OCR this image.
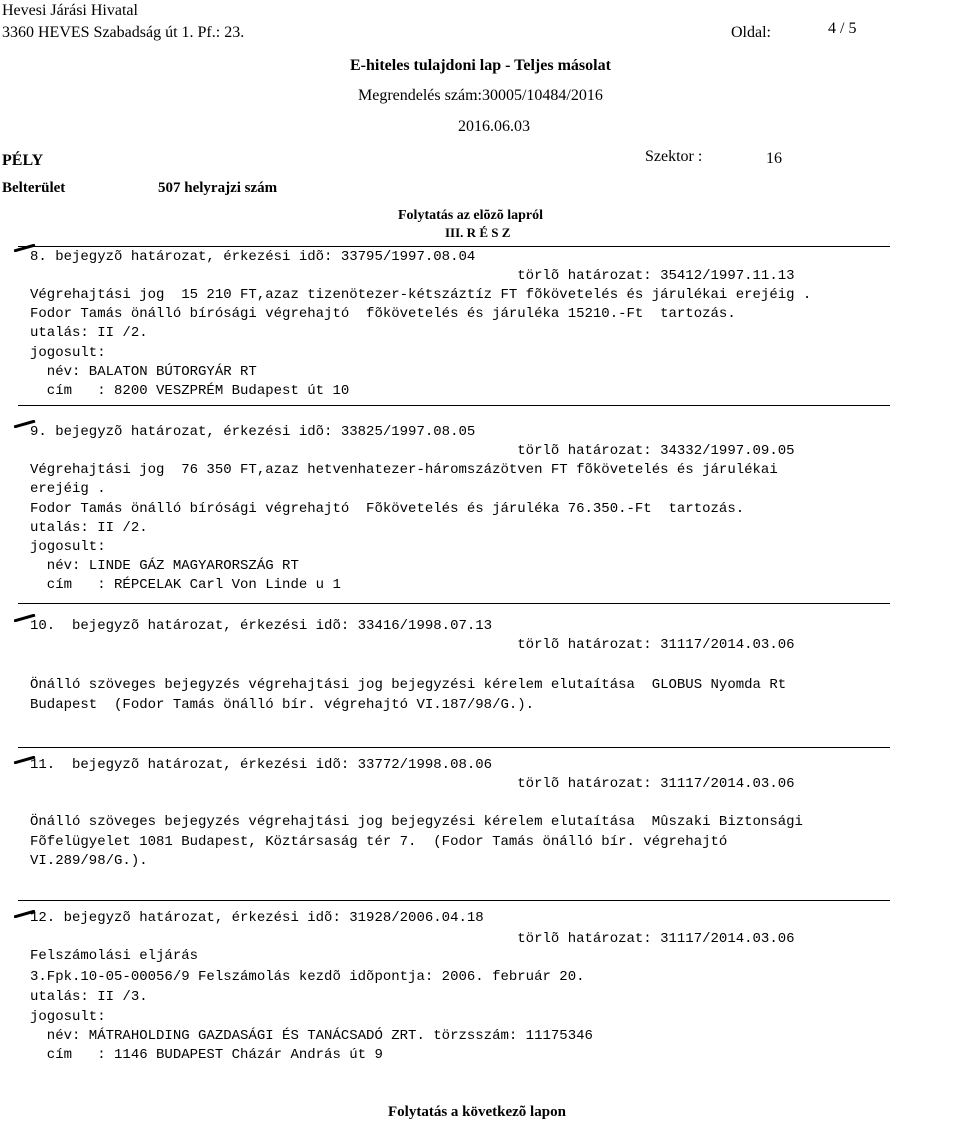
Hevesi Járási Hivatal
3360 HEVES Szabadság út 1. Pf.: 23.	Oldal:	4 / 5
E-hiteles tulajdoni lap - Teljes másolat
Megrendelés szám:30005/10484/2016
2016.06.03
Szektor :	16
PÉLY
Belterület	507 helyrajzi szám
Folytatás az elõzõ lapról
III. R É S Z
8. bejegyzõ határozat, érkezési idõ: 33795/1997.08.04
törlõ határozat: 35412/1997.11.13
Végrehajtási jog  15 210 FT,azaz tizenötezer-kétszáztíz FT fõkövetelés és járulékai erejéig .
Fodor Tamás önálló bírósági végrehajtó  fõkövetelés és járuléka 15210.-Ft  tartozás.
utalás: II /2.
jogosult:
név: BALATON BÚTORGYÁR RT
cím   : 8200 VESZPRÉM Budapest út 10
9. bejegyzõ határozat, érkezési idõ: 33825/1997.08.05
törlõ határozat: 34332/1997.09.05
Végrehajtási jog  76 350 FT,azaz hetvenhatezer-háromszázötven FT fõkövetelés és járulékai
erejéig .
Fodor Tamás önálló bírósági végrehajtó  Fõkövetelés és járuléka 76.350.-Ft  tartozás.
utalás: II /2.
jogosult:
név: LINDE GÁZ MAGYARORSZÁG RT
cím   : RÉPCELAK Carl Von Linde u 1
10.  bejegyzõ határozat, érkezési idõ: 33416/1998.07.13
törlõ határozat: 31117/2014.03.06
Önálló szöveges bejegyzés végrehajtási jog bejegyzési kérelem elutaítása  GLOBUS Nyomda Rt
Budapest  (Fodor Tamás önálló bír. végrehajtó VI.187/98/G.).
11.  bejegyzõ határozat, érkezési idõ: 33772/1998.08.06
törlõ határozat: 31117/2014.03.06
Önálló szöveges bejegyzés végrehajtási jog bejegyzési kérelem elutaítása  Mûszaki Biztonsági
Fõfelügyelet 1081 Budapest, Köztársaság tér 7.  (Fodor Tamás önálló bír. végrehajtó
VI.289/98/G.).
12. bejegyzõ határozat, érkezési idõ: 31928/2006.04.18
törlõ határozat: 31117/2014.03.06
Felszámolási eljárás
3.Fpk.10-05-00056/9 Felszámolás kezdõ idõpontja: 2006. február 20.
utalás: II /3.
jogosult:
név: MÁTRAHOLDING GAZDASÁGI ÉS TANÁCSADÓ ZRT. törzsszám: 11175346
cím   : 1146 BUDAPEST Cházár András út 9
Folytatás a következõ lapon
